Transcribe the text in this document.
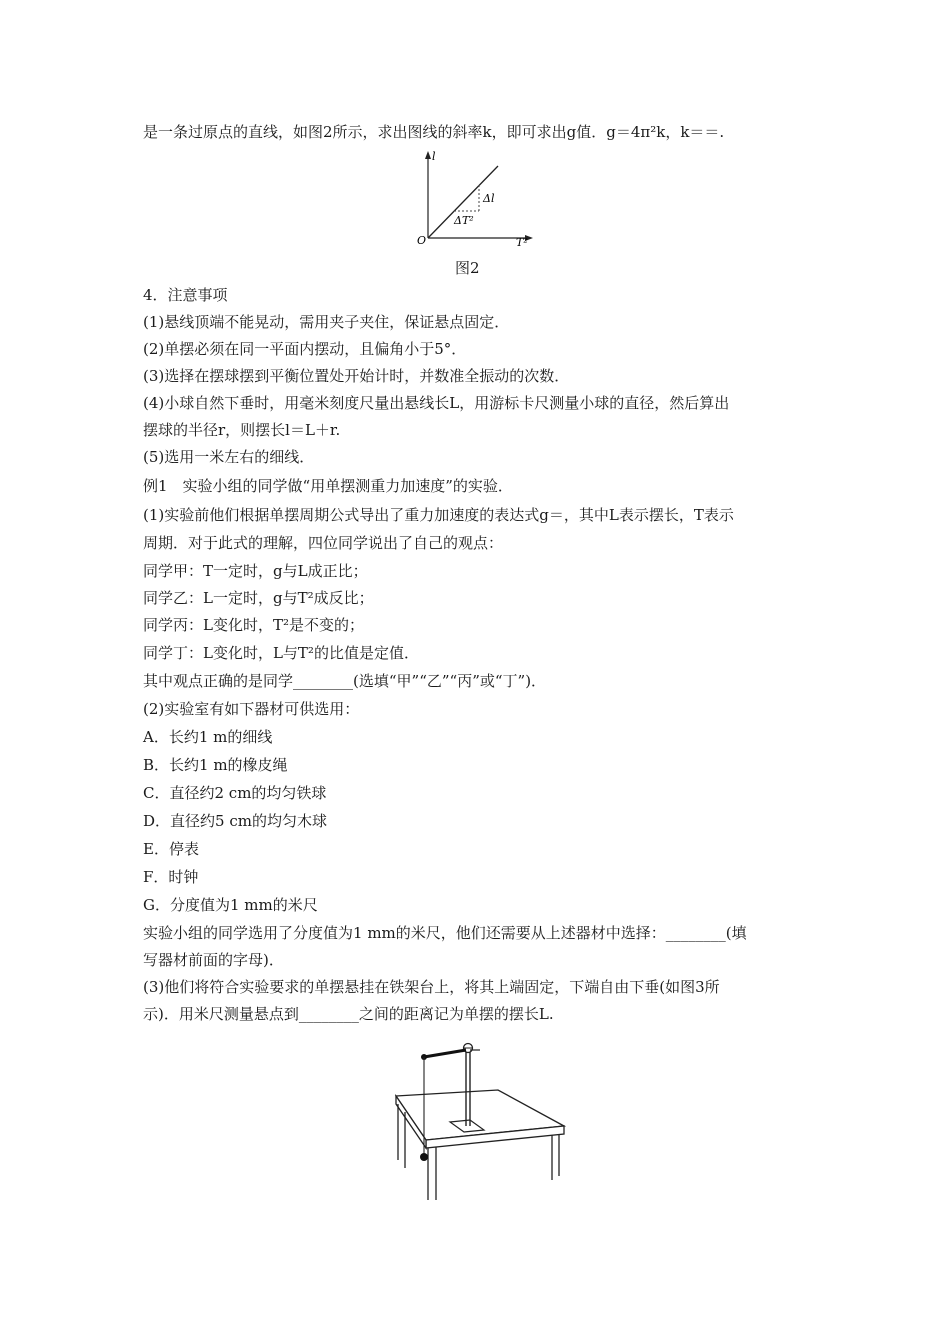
是一条过原点的直线，如图2所示，求出图线的斜率k，即可求出g值．g＝4π²k，k＝＝.
l
T²
O
Δl
ΔT²
图2
4．注意事项
(1)悬线顶端不能晃动，需用夹子夹住，保证悬点固定．
(2)单摆必须在同一平面内摆动，且偏角小于5°．
(3)选择在摆球摆到平衡位置处开始计时，并数准全振动的次数．
(4)小球自然下垂时，用毫米刻度尺量出悬线长L，用游标卡尺测量小球的直径，然后算出
摆球的半径r，则摆长l＝L＋r.
(5)选用一米左右的细线．
例1　实验小组的同学做“用单摆测重力加速度”的实验．
(1)实验前他们根据单摆周期公式导出了重力加速度的表达式g＝，其中L表示摆长，T表示
周期．对于此式的理解，四位同学说出了自己的观点：
同学甲：T一定时，g与L成正比；
同学乙：L一定时，g与T²成反比；
同学丙：L变化时，T²是不变的；
同学丁：L变化时，L与T²的比值是定值．
其中观点正确的是同学________(选填“甲”“乙”“丙”或“丁”)．
(2)实验室有如下器材可供选用：
A．长约1 m的细线
B．长约1 m的橡皮绳
C．直径约2 cm的均匀铁球
D．直径约5 cm的均匀木球
E．停表
F．时钟
G．分度值为1 mm的米尺
实验小组的同学选用了分度值为1 mm的米尺，他们还需要从上述器材中选择：________(填
写器材前面的字母)．
(3)他们将符合实验要求的单摆悬挂在铁架台上，将其上端固定，下端自由下垂(如图3所
示)．用米尺测量悬点到________之间的距离记为单摆的摆长L.
